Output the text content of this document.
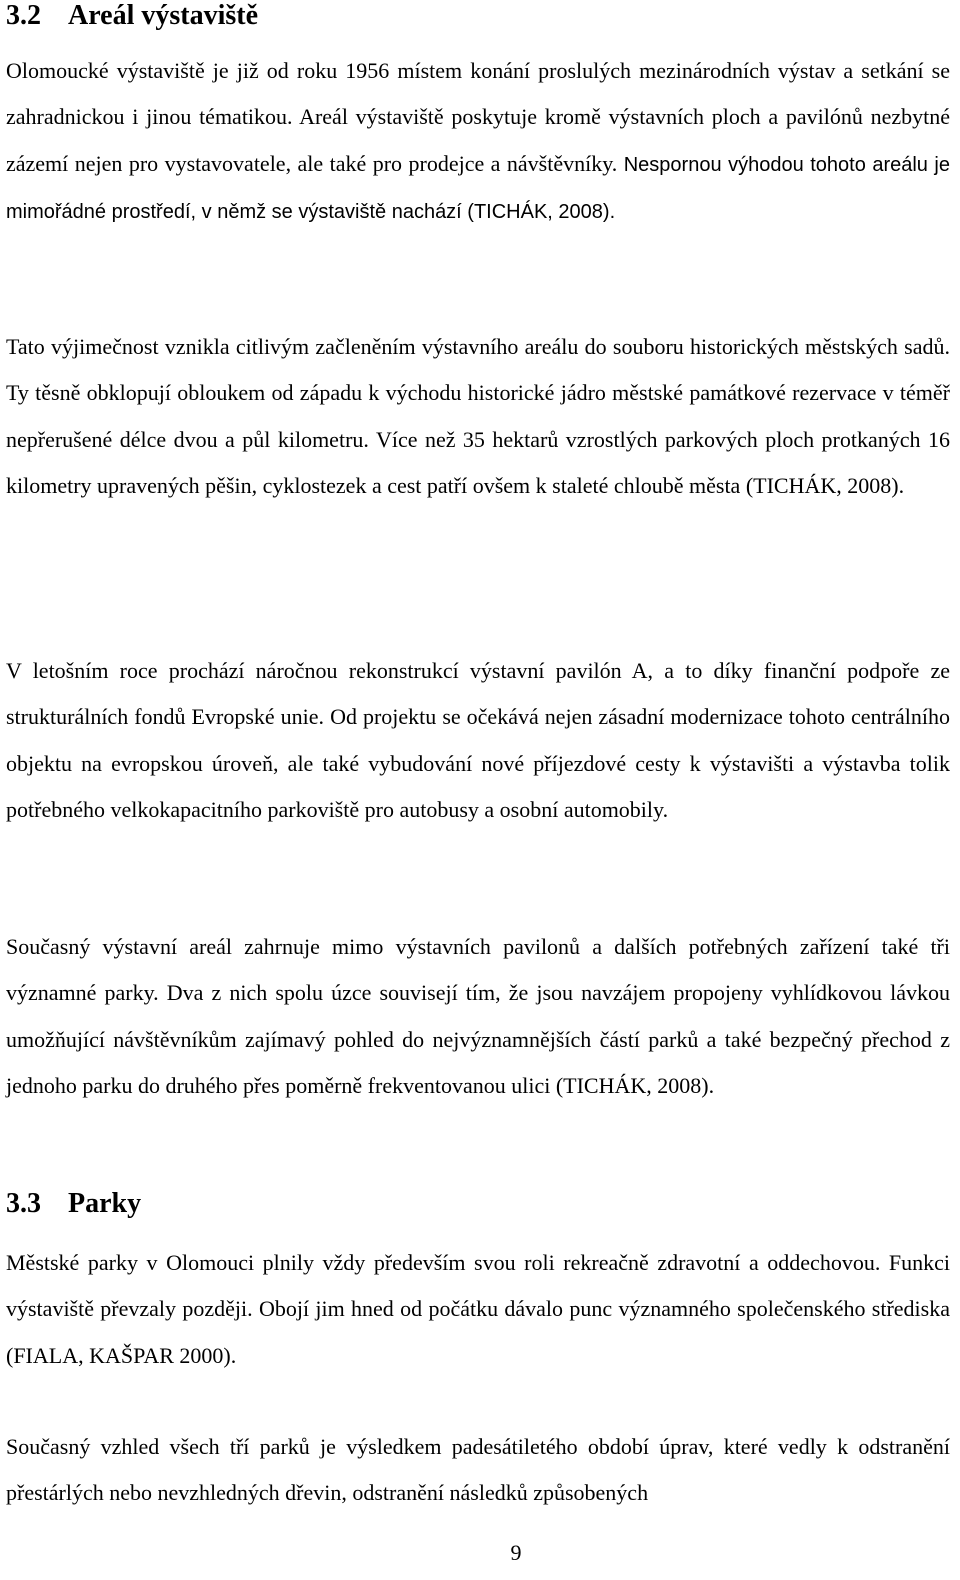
3.2 Areál výstaviště

Olomoucké výstaviště je již od roku 1956 místem konání proslulých mezinárodních výstav a setkání se zahradnickou i jinou tématikou. Areál výstaviště poskytuje kromě výstavních ploch a pavilónů nezbytné zázemí nejen pro vystavovatele, ale také pro prodejce a návštěvníky. Nespornou výhodou tohoto areálu je mimořádné prostředí, v němž se výstaviště nachází (TICHÁK, 2008).

Tato výjimečnost vznikla citlivým začleněním výstavního areálu do souboru historických městských sadů. Ty těsně obklopují obloukem od západu k východu historické jádro městské památkové rezervace v téměř nepřerušené délce dvou a půl kilometru. Více než 35 hektarů vzrostlých parkových ploch protkaných 16 kilometry upravených pěšin, cyklostezek a cest patří ovšem k staleté chloubě města (TICHÁK, 2008).

V letošním roce prochází náročnou rekonstrukcí výstavní pavilón A, a to díky finanční podpoře ze strukturálních fondů Evropské unie. Od projektu se očekává nejen zásadní modernizace tohoto centrálního objektu na evropskou úroveň, ale také vybudování nové příjezdové cesty k výstavišti a výstavba tolik potřebného velkokapacitního parkoviště pro autobusy a osobní automobily.

Současný výstavní areál zahrnuje mimo výstavních pavilonů a dalších potřebných zařízení také tři významné parky. Dva z nich spolu úzce souvisejí tím, že jsou navzájem propojeny vyhlídkovou lávkou umožňující návštěvníkům zajímavý pohled do nejvýznamnějších částí parků a také bezpečný přechod z jednoho parku do druhého přes poměrně frekventovanou ulici (TICHÁK, 2008).

3.3 Parky

Městské parky v Olomouci plnily vždy především svou roli rekreačně zdravotní a oddechovou. Funkci výstaviště převzaly později. Obojí jim hned od počátku dávalo punc významného společenského střediska (FIALA, KAŠPAR 2000).

Současný vzhled všech tří parků je výsledkem padesátiletého období úprav, které vedly k odstranění přestárlých nebo nevzhledných dřevin, odstranění následků způsobených

9
